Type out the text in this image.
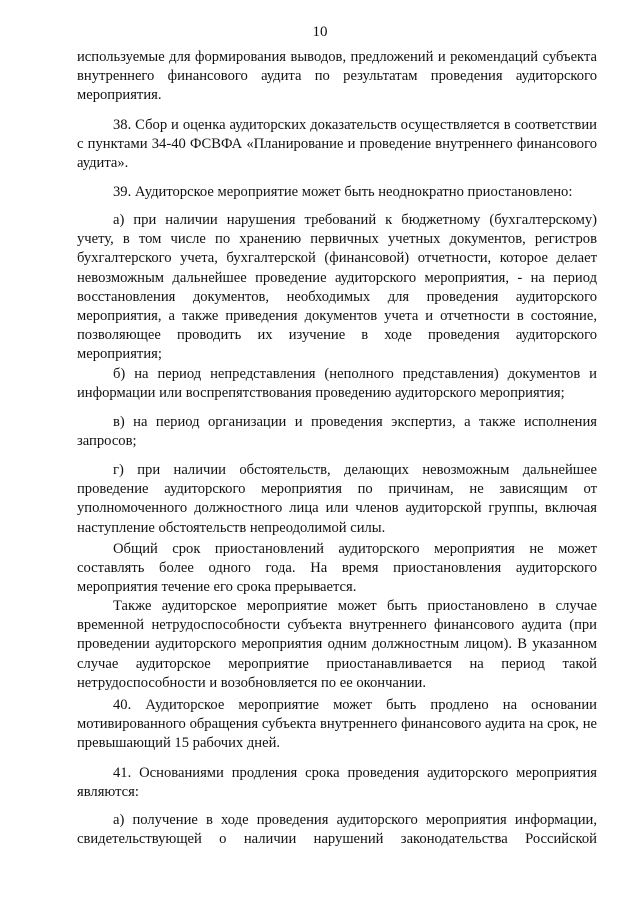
10

используемые для формирования выводов, предложений и рекомендаций субъекта внутреннего финансового аудита по результатам проведения аудиторского мероприятия.

38. Сбор и оценка аудиторских доказательств осуществляется в соответствии с пунктами 34-40 ФСВФА «Планирование и проведение внутреннего финансового аудита».

39. Аудиторское мероприятие может быть неоднократно приостановлено:

а) при наличии нарушения требований к бюджетному (бухгалтерскому) учету, в том числе по хранению первичных учетных документов, регистров бухгалтерского учета, бухгалтерской (финансовой) отчетности, которое делает невозможным дальнейшее проведение аудиторского мероприятия, - на период восстановления документов, необходимых для проведения аудиторского мероприятия, а также приведения документов учета и отчетности в состояние, позволяющее проводить их изучение в ходе проведения аудиторского мероприятия;

б) на период непредставления (неполного представления) документов и информации или воспрепятствования проведению аудиторского мероприятия;

в) на период организации и проведения экспертиз, а также исполнения запросов;

г) при наличии обстоятельств, делающих невозможным дальнейшее проведение аудиторского мероприятия по причинам, не зависящим от уполномоченного должностного лица или членов аудиторской группы, включая наступление обстоятельств непреодолимой силы.

Общий срок приостановлений аудиторского мероприятия не может составлять более одного года. На время приостановления аудиторского мероприятия течение его срока прерывается.

Также аудиторское мероприятие может быть приостановлено в случае временной нетрудоспособности субъекта внутреннего финансового аудита (при проведении аудиторского мероприятия одним должностным лицом). В указанном случае аудиторское мероприятие приостанавливается на период такой нетрудоспособности и возобновляется по ее окончании.

40. Аудиторское мероприятие может быть продлено на основании мотивированного обращения субъекта внутреннего финансового аудита на срок, не превышающий 15 рабочих дней.

41. Основаниями продления срока проведения аудиторского мероприятия являются:

а) получение в ходе проведения аудиторского мероприятия информации, свидетельствующей о наличии нарушений законодательства Российской
